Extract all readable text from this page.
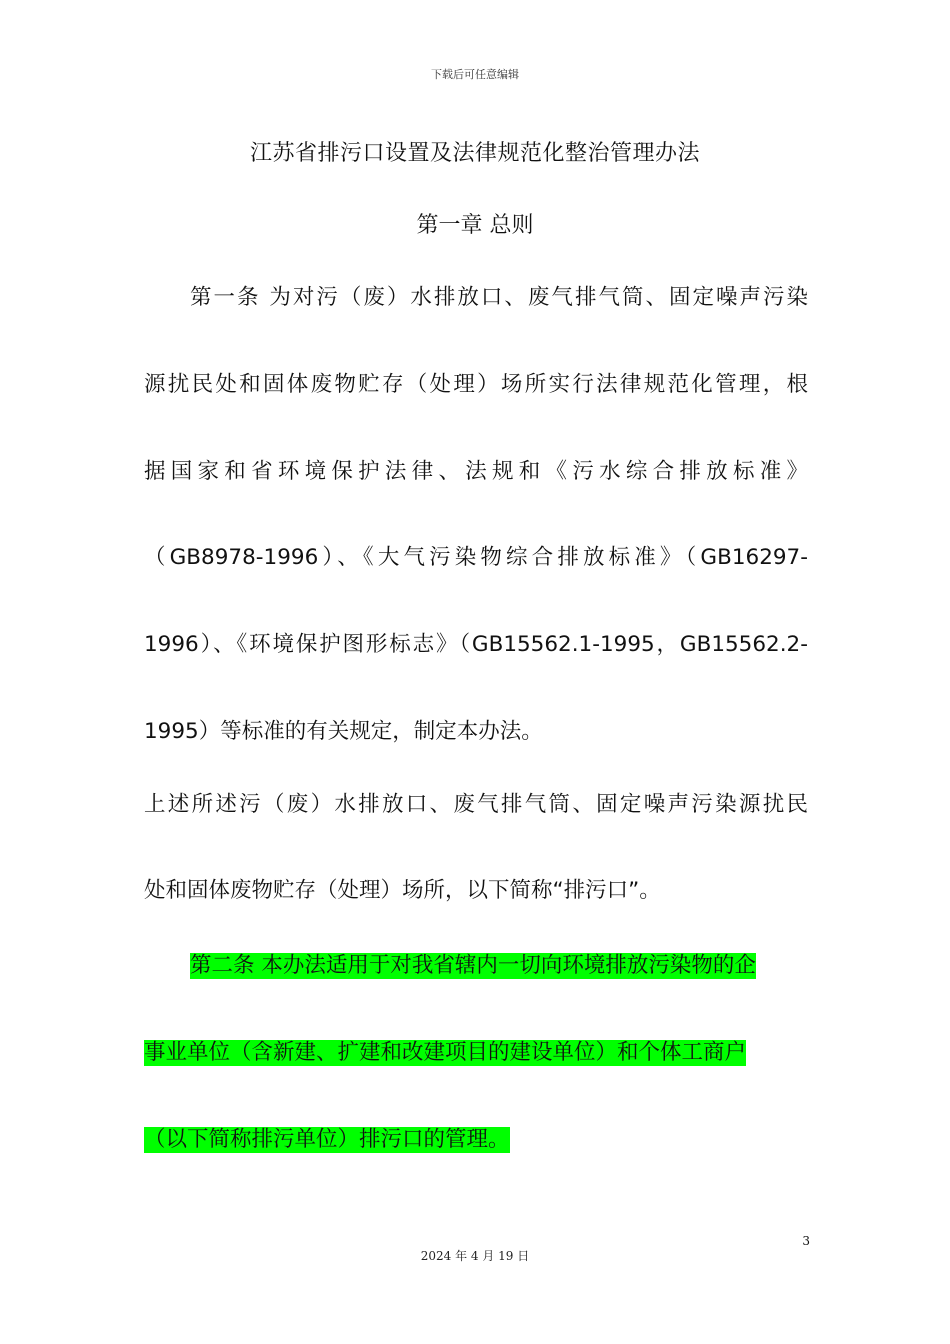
下载后可任意编辑
江苏省排污口设置及法律规范化整治管理办法
第一章 总则
第一条 为对污（废）水排放口、废气排气筒、固定噪声污染
源扰民处和固体废物贮存（处理）场所实行法律规范化管理，根
据国家和省环境保护法律、法规和《污水综合排放标准》
（GB8978-1996）、《大气污染物综合排放标准》（GB16297-
1996）、《环境保护图形标志》（GB15562.1-1995，GB15562.2-
1995）等标准的有关规定，制定本办法。
上述所述污（废）水排放口、废气排气筒、固定噪声污染源扰民
处和固体废物贮存（处理）场所，以下简称“排污口”。
第二条 本办法适用于对我省辖内一切向环境排放污染物的企
事业单位（含新建、扩建和改建项目的建设单位）和个体工商户
（以下简称排污单位）排污口的管理。
3
2024 年 4 月 19 日
